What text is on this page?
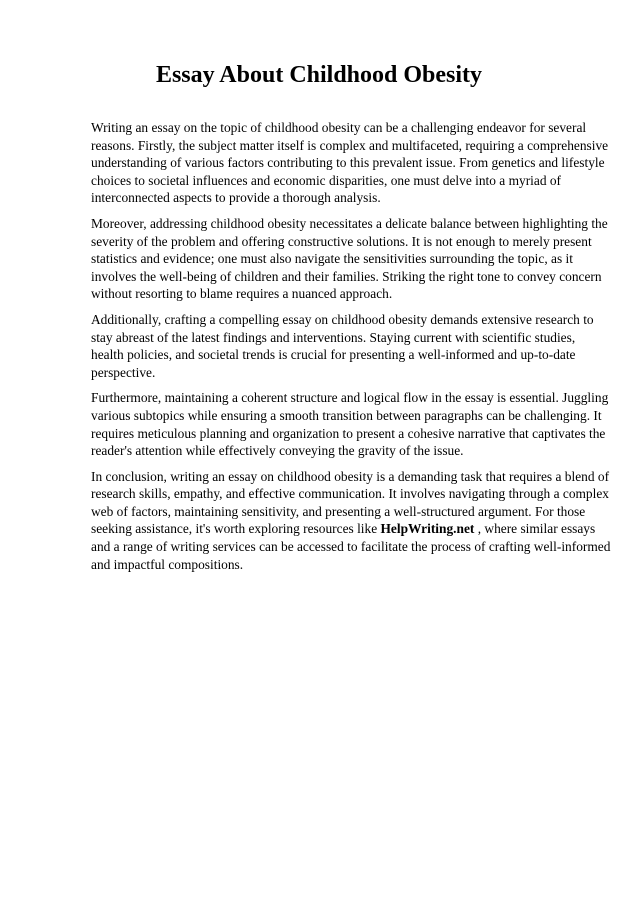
Essay About Childhood Obesity

Writing an essay on the topic of childhood obesity can be a challenging endeavor for several
reasons. Firstly, the subject matter itself is complex and multifaceted, requiring a comprehensive
understanding of various factors contributing to this prevalent issue. From genetics and lifestyle
choices to societal influences and economic disparities, one must delve into a myriad of
interconnected aspects to provide a thorough analysis.

Moreover, addressing childhood obesity necessitates a delicate balance between highlighting the
severity of the problem and offering constructive solutions. It is not enough to merely present
statistics and evidence; one must also navigate the sensitivities surrounding the topic, as it
involves the well-being of children and their families. Striking the right tone to convey concern
without resorting to blame requires a nuanced approach.

Additionally, crafting a compelling essay on childhood obesity demands extensive research to
stay abreast of the latest findings and interventions. Staying current with scientific studies,
health policies, and societal trends is crucial for presenting a well-informed and up-to-date
perspective.

Furthermore, maintaining a coherent structure and logical flow in the essay is essential. Juggling
various subtopics while ensuring a smooth transition between paragraphs can be challenging. It
requires meticulous planning and organization to present a cohesive narrative that captivates the
reader's attention while effectively conveying the gravity of the issue.

In conclusion, writing an essay on childhood obesity is a demanding task that requires a blend of
research skills, empathy, and effective communication. It involves navigating through a complex
web of factors, maintaining sensitivity, and presenting a well-structured argument. For those
seeking assistance, it's worth exploring resources like HelpWriting.net , where similar essays
and a range of writing services can be accessed to facilitate the process of crafting well-informed
and impactful compositions.
